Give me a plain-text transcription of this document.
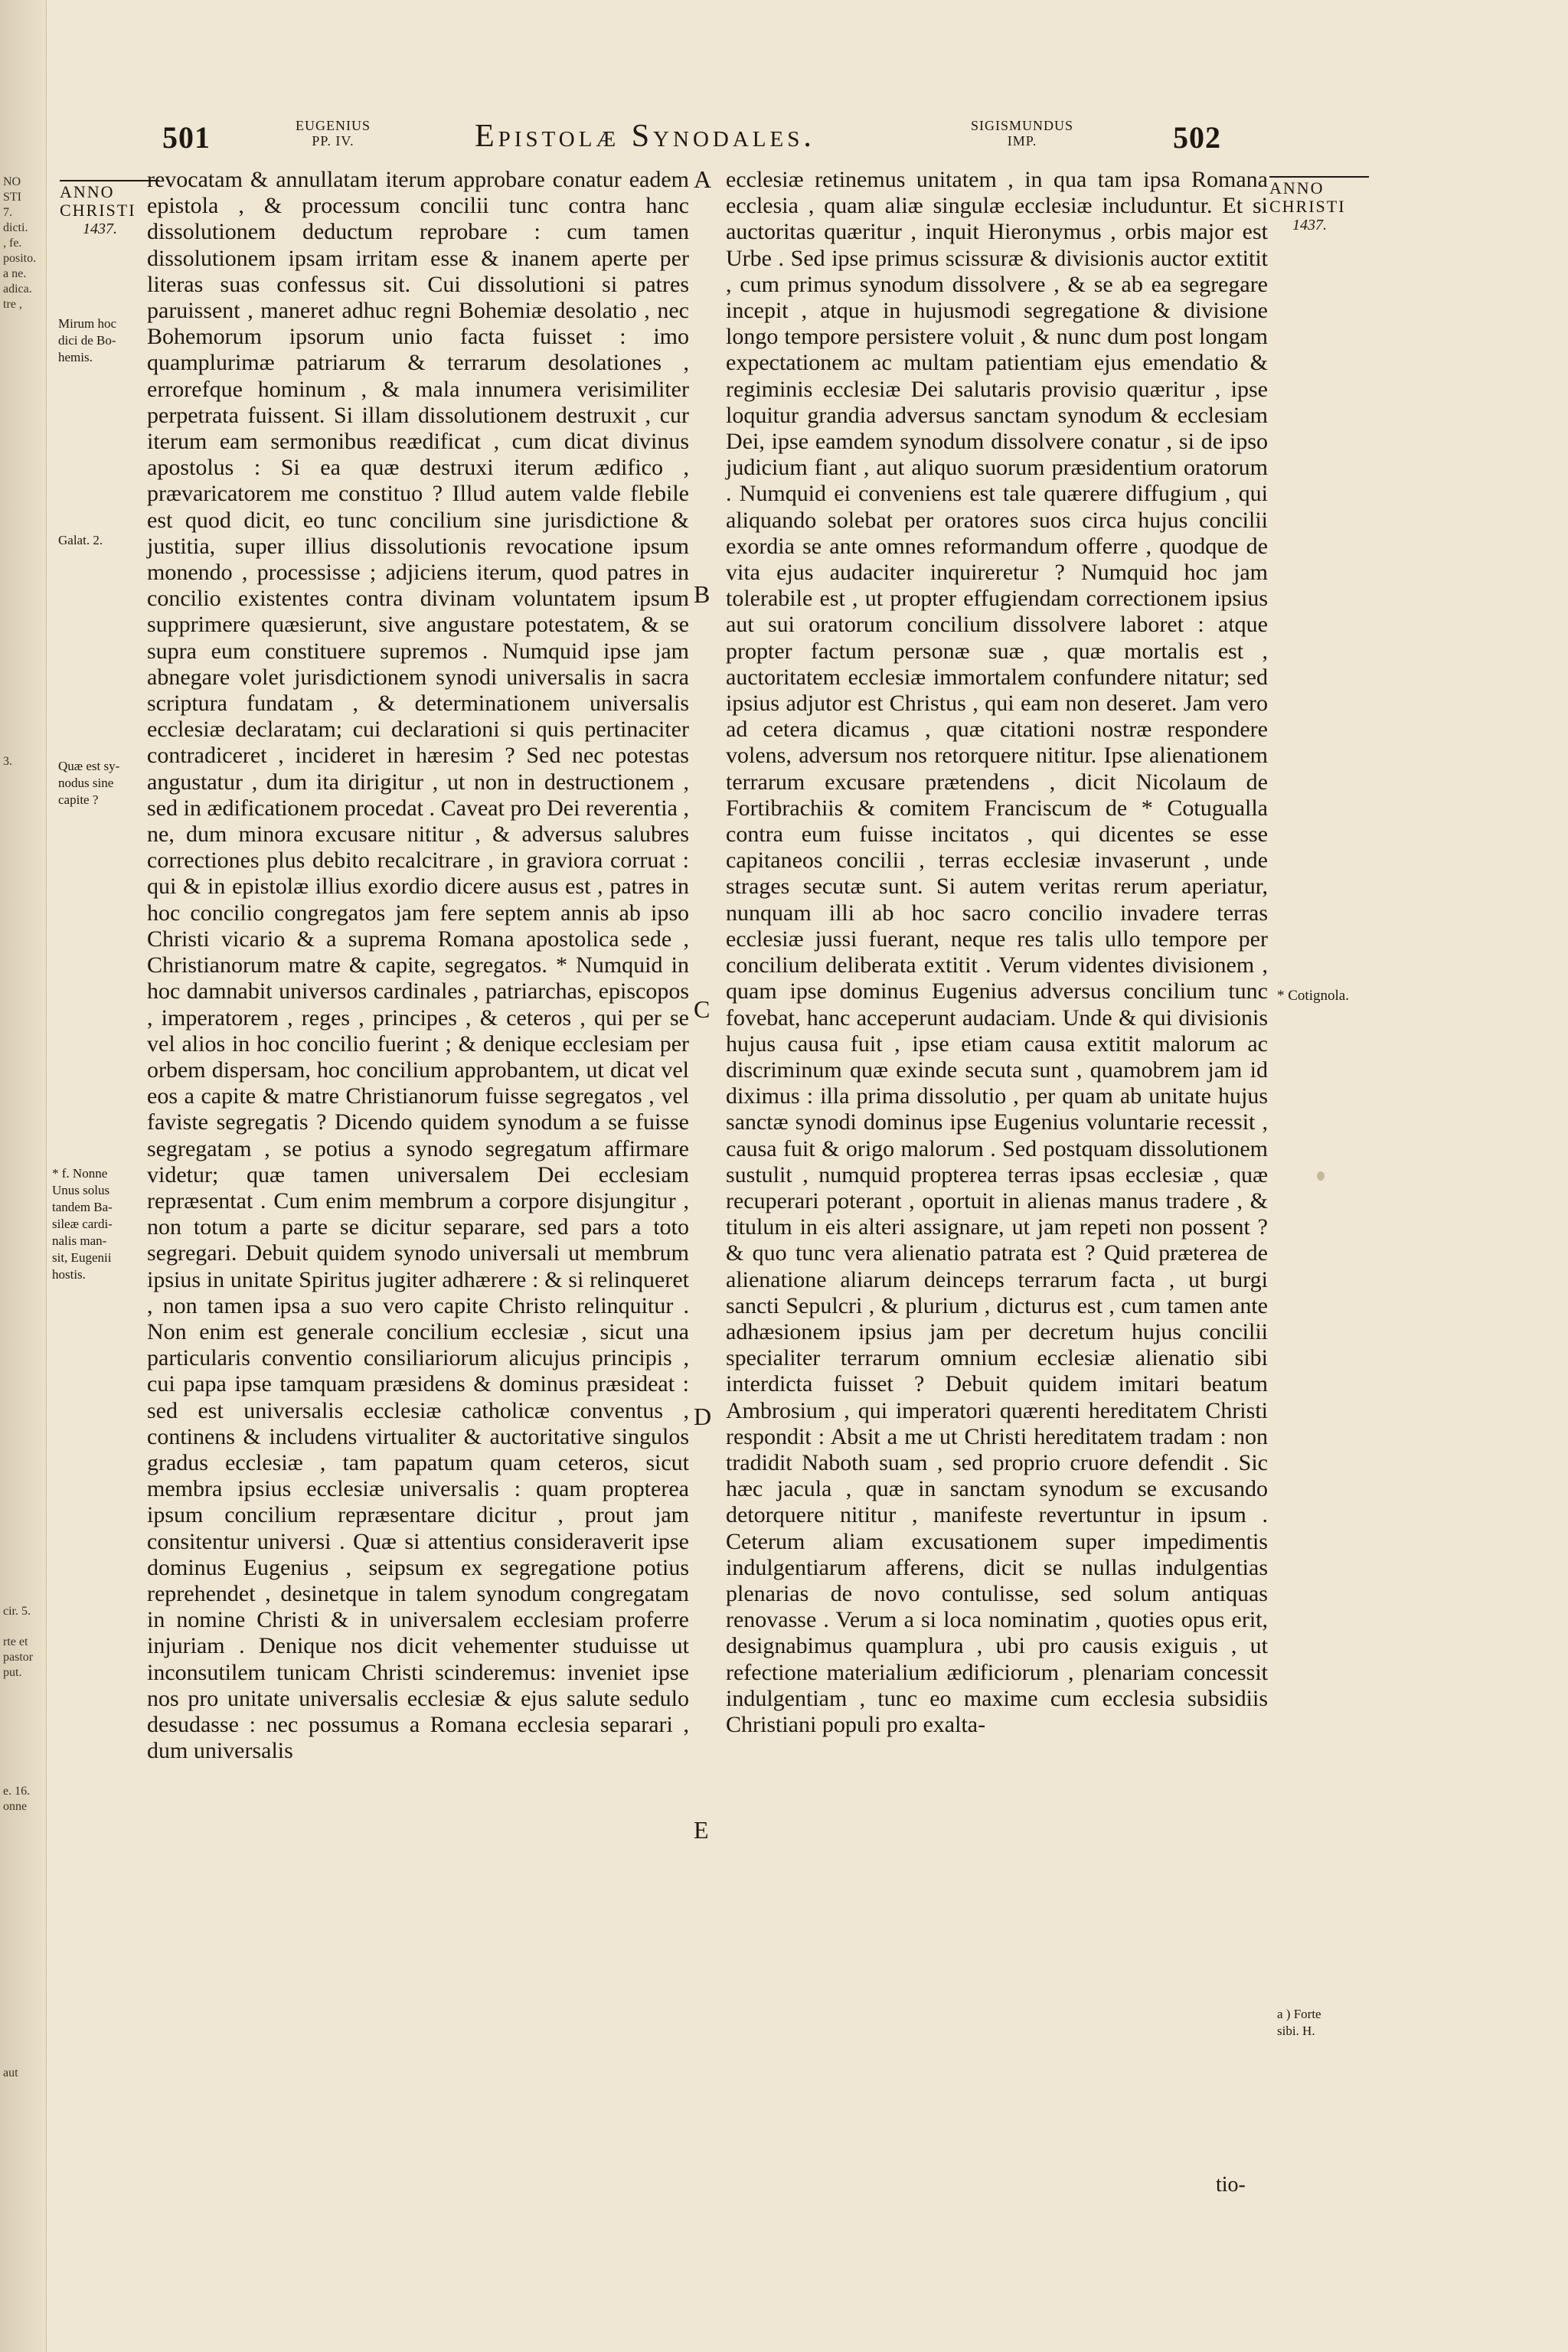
NO
STI
7.
dicti.
, fe.
posito.
a ne.
adica.
tre ,
3.
cir. 5.
rte et
pastor
put.
e. 16.
onne
aut
501	EUGENIUS
PP. IV.	Epistolæ Synodales.	SIGISMUNDUS
IMP.	502
ANNO
CHRISTI
1437.
ANNO
CHRISTI
1437.
Mirum hoc
dici de Bo-
hemis.
Galat. 2.
Quæ est sy-
nodus sine
capite ?
* f. Nonne
Unus solus
tandem Ba-
sileæ cardi-
nalis man-
sit, Eugenii
hostis.
* Cotignola.
a ) Forte
sibi. H.
A
B
C
D
E

revocatam & annullatam iterum approbare conatur eadem epistola , & processum concilii tunc contra hanc dissolutionem deductum reprobare : cum tamen dissolutionem ipsam irritam esse & inanem aperte per literas suas confessus sit. Cui dissolutioni si patres paruissent , maneret adhuc regni Bohemiæ desolatio , nec Bohemorum ipsorum unio facta fuisset : imo quamplurimæ patriarum & terrarum desolationes , errorefque hominum , & mala innumera verisimiliter perpetrata fuissent. Si illam dissolutionem destruxit , cur iterum eam sermonibus reædificat , cum dicat divinus apostolus : Si ea quæ destruxi iterum ædifico , prævaricatorem me constituo ? Illud autem valde flebile est quod dicit, eo tunc concilium sine jurisdictione & justitia, super illius dissolutionis revocatione ipsum monendo , processisse ; adjiciens iterum, quod patres in concilio existentes contra divinam voluntatem ipsum supprimere quæsierunt, sive angustare potestatem, & se supra eum constituere supremos . Numquid ipse jam abnegare volet jurisdictionem synodi universalis in sacra scriptura fundatam , & determinationem universalis ecclesiæ declaratam; cui declarationi si quis pertinaciter contradiceret , incideret in hæresim ? Sed nec potestas angustatur , dum ita dirigitur , ut non in destructionem , sed in ædificationem procedat . Caveat pro Dei reverentia , ne, dum minora excusare nititur , & adversus salubres correctiones plus debito recalcitrare , in graviora corruat : qui & in epistolæ illius exordio dicere ausus est , patres in hoc concilio congregatos jam fere septem annis ab ipso Christi vicario & a suprema Romana apostolica sede , Christianorum matre & capite, segregatos. * Numquid in hoc damnabit universos cardinales , patriarchas, episcopos , imperatorem , reges , principes , & ceteros , qui per se vel alios in hoc concilio fuerint ; & denique ecclesiam per orbem dispersam, hoc concilium approbantem, ut dicat vel eos a capite & matre Christianorum fuisse segregatos , vel faviste segregatis ? Dicendo quidem synodum a se fuisse segregatam , se potius a synodo segregatum affirmare videtur; quæ tamen universalem Dei ecclesiam repræsentat . Cum enim membrum a corpore disjungitur , non totum a parte se dicitur separare, sed pars a toto segregari. Debuit quidem synodo universali ut membrum ipsius in unitate Spiritus jugiter adhærere : & si relinqueret , non tamen ipsa a suo vero capite Christo relinquitur . Non enim est generale concilium ecclesiæ , sicut una particularis conventio consiliariorum alicujus principis , cui papa ipse tamquam præsidens & dominus præsideat : sed est universalis ecclesiæ catholicæ conventus , continens & includens virtualiter & auctoritative singulos gradus ecclesiæ , tam papatum quam ceteros, sicut membra ipsius ecclesiæ universalis : quam propterea ipsum concilium repræsentare dicitur , prout jam consitentur universi . Quæ si attentius consideraverit ipse dominus Eugenius , seipsum ex segregatione potius reprehendet , desinetque in talem synodum congregatam in nomine Christi & in universalem ecclesiam proferre injuriam . Denique nos dicit vehementer studuisse ut inconsutilem tunicam Christi scinderemus: inveniet ipse nos pro unitate universalis ecclesiæ & ejus salute sedulo desudasse : nec possumus a Romana ecclesia separari , dum universalis

ecclesiæ retinemus unitatem , in qua tam ipsa Romana ecclesia , quam aliæ singulæ ecclesiæ includuntur. Et si auctoritas quæritur , inquit Hieronymus , orbis major est Urbe . Sed ipse primus scissuræ & divisionis auctor extitit , cum primus synodum dissolvere , & se ab ea segregare incepit , atque in hujusmodi segregatione & divisione longo tempore persistere voluit , & nunc dum post longam expectationem ac multam patientiam ejus emendatio & regiminis ecclesiæ Dei salutaris provisio quæritur , ipse loquitur grandia adversus sanctam synodum & ecclesiam Dei, ipse eamdem synodum dissolvere conatur , si de ipso judicium fiant , aut aliquo suorum præsidentium oratorum . Numquid ei conveniens est tale quærere diffugium , qui aliquando solebat per oratores suos circa hujus concilii exordia se ante omnes reformandum offerre , quodque de vita ejus audaciter inquireretur ? Numquid hoc jam tolerabile est , ut propter effugiendam correctionem ipsius aut sui oratorum concilium dissolvere laboret : atque propter factum personæ suæ , quæ mortalis est , auctoritatem ecclesiæ immortalem confundere nitatur; sed ipsius adjutor est Christus , qui eam non deseret. Jam vero ad cetera dicamus , quæ citationi nostræ respondere volens, adversum nos retorquere nititur. Ipse alienationem terrarum excusare prætendens , dicit Nicolaum de Fortibrachiis & comitem Franciscum de * Cotugualla contra eum fuisse incitatos , qui dicentes se esse capitaneos concilii , terras ecclesiæ invaserunt , unde strages secutæ sunt. Si autem veritas rerum aperiatur, nunquam illi ab hoc sacro concilio invadere terras ecclesiæ jussi fuerant, neque res talis ullo tempore per concilium deliberata extitit . Verum videntes divisionem , quam ipse dominus Eugenius adversus concilium tunc fovebat, hanc acceperunt audaciam. Unde & qui divisionis hujus causa fuit , ipse etiam causa extitit malorum ac discriminum quæ exinde secuta sunt , quamobrem jam id diximus : illa prima dissolutio , per quam ab unitate hujus sanctæ synodi dominus ipse Eugenius voluntarie recessit , causa fuit & origo malorum . Sed postquam dissolutionem sustulit , numquid propterea terras ipsas ecclesiæ , quæ recuperari poterant , oportuit in alienas manus tradere , & titulum in eis alteri assignare, ut jam repeti non possent ? & quo tunc vera alienatio patrata est ? Quid præterea de alienatione aliarum deinceps terrarum facta , ut burgi sancti Sepulcri , & plurium , dicturus est , cum tamen ante adhæsionem ipsius jam per decretum hujus concilii specialiter terrarum omnium ecclesiæ alienatio sibi interdicta fuisset ? Debuit quidem imitari beatum Ambrosium , qui imperatori quærenti hereditatem Christi respondit : Absit a me ut Christi hereditatem tradam : non tradidit Naboth suam , sed proprio cruore defendit . Sic hæc jacula , quæ in sanctam synodum se excusando detorquere nititur , manifeste revertuntur in ipsum . Ceterum aliam excusationem super impedimentis indulgentiarum afferens, dicit se nullas indulgentias plenarias de novo contulisse, sed solum antiquas renovasse . Verum a si loca nominatim , quoties opus erit, designabimus quamplura , ubi pro causis exiguis , ut refectione materialium ædificiorum , plenariam concessit indulgentiam , tunc eo maxime cum ecclesia subsidiis Christiani populi pro exalta-

tio-
